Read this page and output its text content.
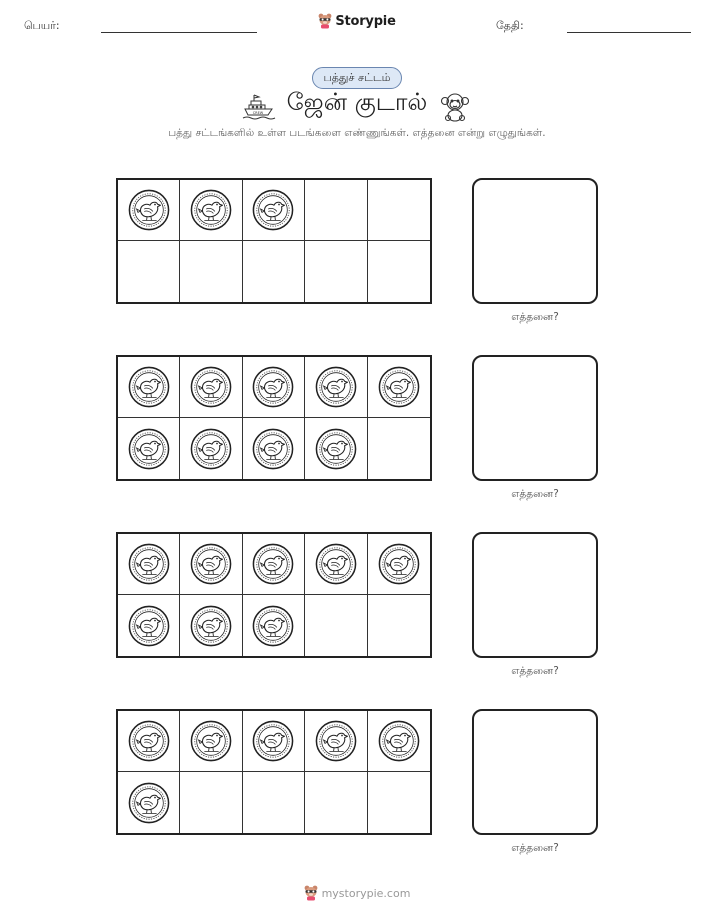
பெயர்:	Storypie	தேதி:
பத்துச் சட்டம்
CREW ஜேன் குடால்
பத்து சட்டங்களில் உள்ள படங்களை எண்ணுங்கள். எத்தனை என்று எழுதுங்கள்.
எத்தனை?
எத்தனை?
எத்தனை?
எத்தனை?
mystorypie.com
